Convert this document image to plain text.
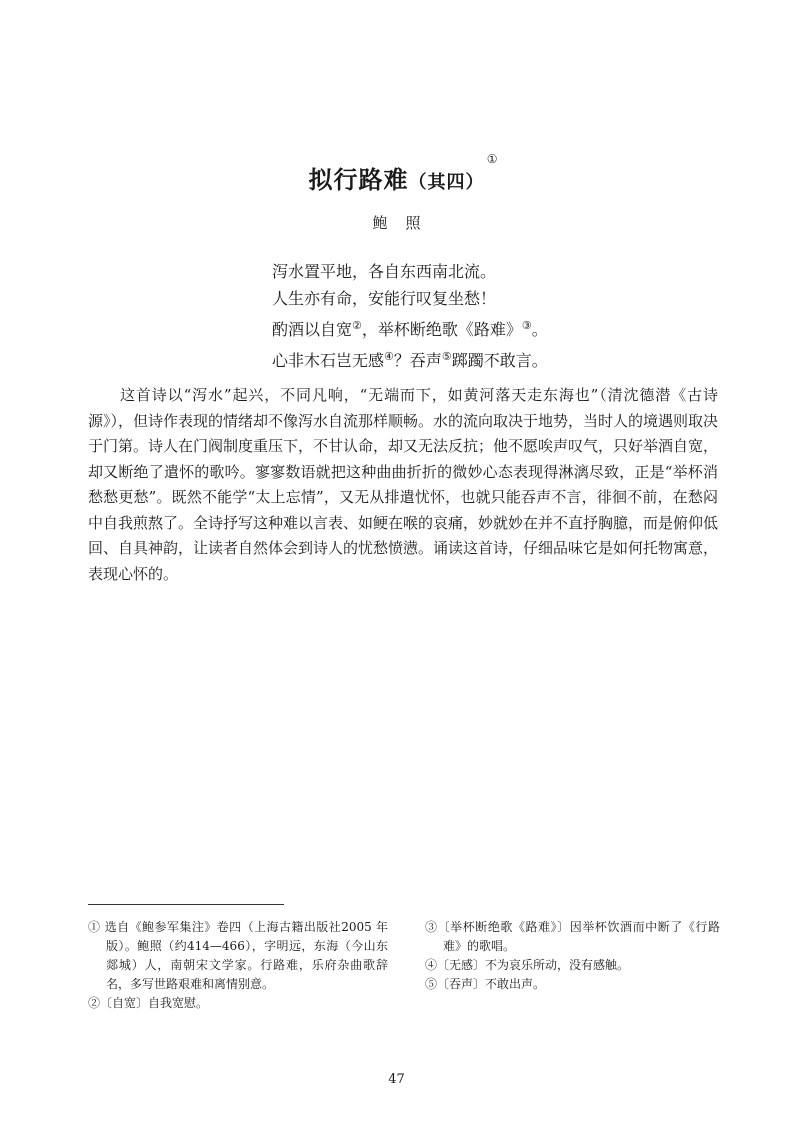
拟行路难（其四）
①
鲍照
泻水置平地，各自东西南北流。
人生亦有命，安能行叹复坐愁！
酌酒以自宽②，举杯断绝歌《路难》③。
心非木石岂无感④？吞声⑤踯躅不敢言。

这首诗以“泻水”起兴，不同凡响，“无端而下，如黄河落天走东海也”（清沈德潜《古诗源》），但诗作表现的情绪却不像泻水自流那样顺畅。水的流向取决于地势，当时人的境遇则取决于门第。诗人在门阀制度重压下，不甘认命，却又无法反抗；他不愿唉声叹气，只好举酒自宽，却又断绝了遣怀的歌吟。寥寥数语就把这种曲曲折折的微妙心态表现得淋漓尽致，正是“举杯消愁愁更愁”。既然不能学“太上忘情”，又无从排遣忧怀，也就只能吞声不言，徘徊不前，在愁闷中自我煎熬了。全诗抒写这种难以言表、如鲠在喉的哀痛，妙就妙在并不直抒胸臆，而是俯仰低回、自具神韵，让读者自然体会到诗人的忧愁愤懑。诵读这首诗，仔细品味它是如何托物寓意，表现心怀的。

① 选自《鲍参军集注》卷四（上海古籍出版社2005 年版）。鲍照（约414—466），字明远，东海（今山东郯城）人，南朝宋文学家。行路难，乐府杂曲歌辞名，多写世路艰难和离情别意。

②〔自宽〕自我宽慰。

③〔举杯断绝歌《路难》〕因举杯饮酒而中断了《行路难》的歌唱。

④〔无感〕不为哀乐所动，没有感触。

⑤〔吞声〕不敢出声。

47
